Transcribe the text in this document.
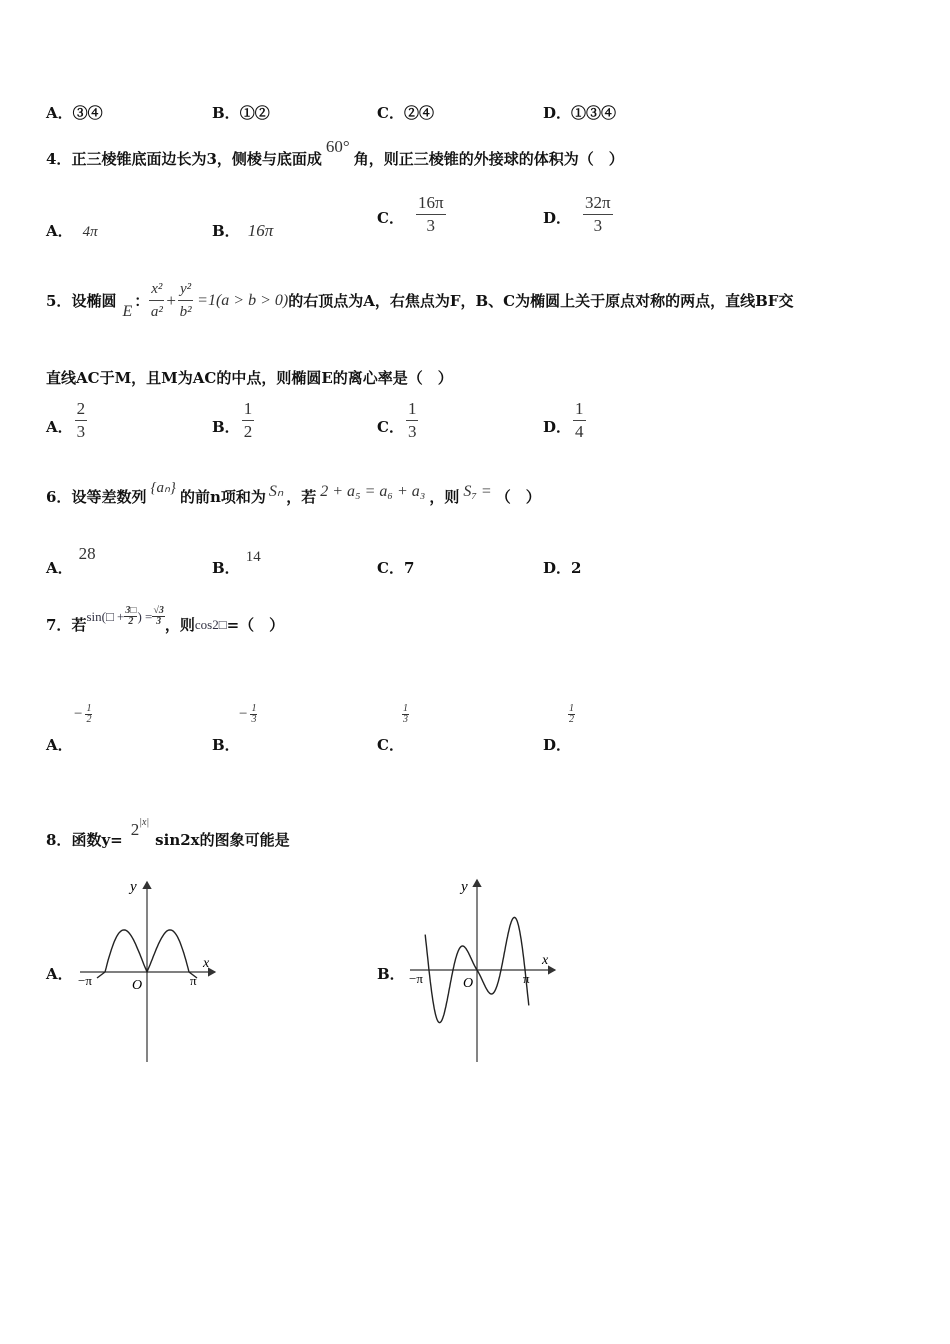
A．③④	B．①②	C．②④	D．①③④
4．正三棱锥底面边长为3，侧棱与底面成60°角，则正三棱锥的外接球的体积为（　）
A． 4π	B． 16π
C． $\frac{16\pi}{3}$	D． $\frac{32\pi}{3}$
5． 设椭圆
E
： $\frac{\text{x²}}{\text{a²}} + \frac{\text{y²}}{\text{b²}} =1(a > b > 0)$ 的右顶点为A，右焦点为F，B、C为椭圆上关于原点对称的两点，直线BF交
直线AC于M，且M为AC的中点，则椭圆E的离心率是（　）
A． $\frac{2}{3}$	B． $\frac{1}{2}$	C． $\frac{1}{3}$	D． $\frac{1}{4}$
6． 设等差数列 {aₙ} 的前n项和为 Sₙ ，若 2 + a₅ = a₆ + a₃ ，则 S₇ = （　）
A．28
B．14
C．7	D．2
7． 若 sin(□ + $\frac{3□}{2}$ ) = $\frac{√3}{3}$ ，则 cos2□ =（　）
A．
− $\frac{1}{2}$
B．
− $\frac{1}{3}$
C．
$\frac{1}{3}$
D．
$\frac{1}{2}$
8． 函数y=
2 |x|
sin2x的图象可能是
A．	B．
y
x
O
−π	π
y
x
O
−π	π
